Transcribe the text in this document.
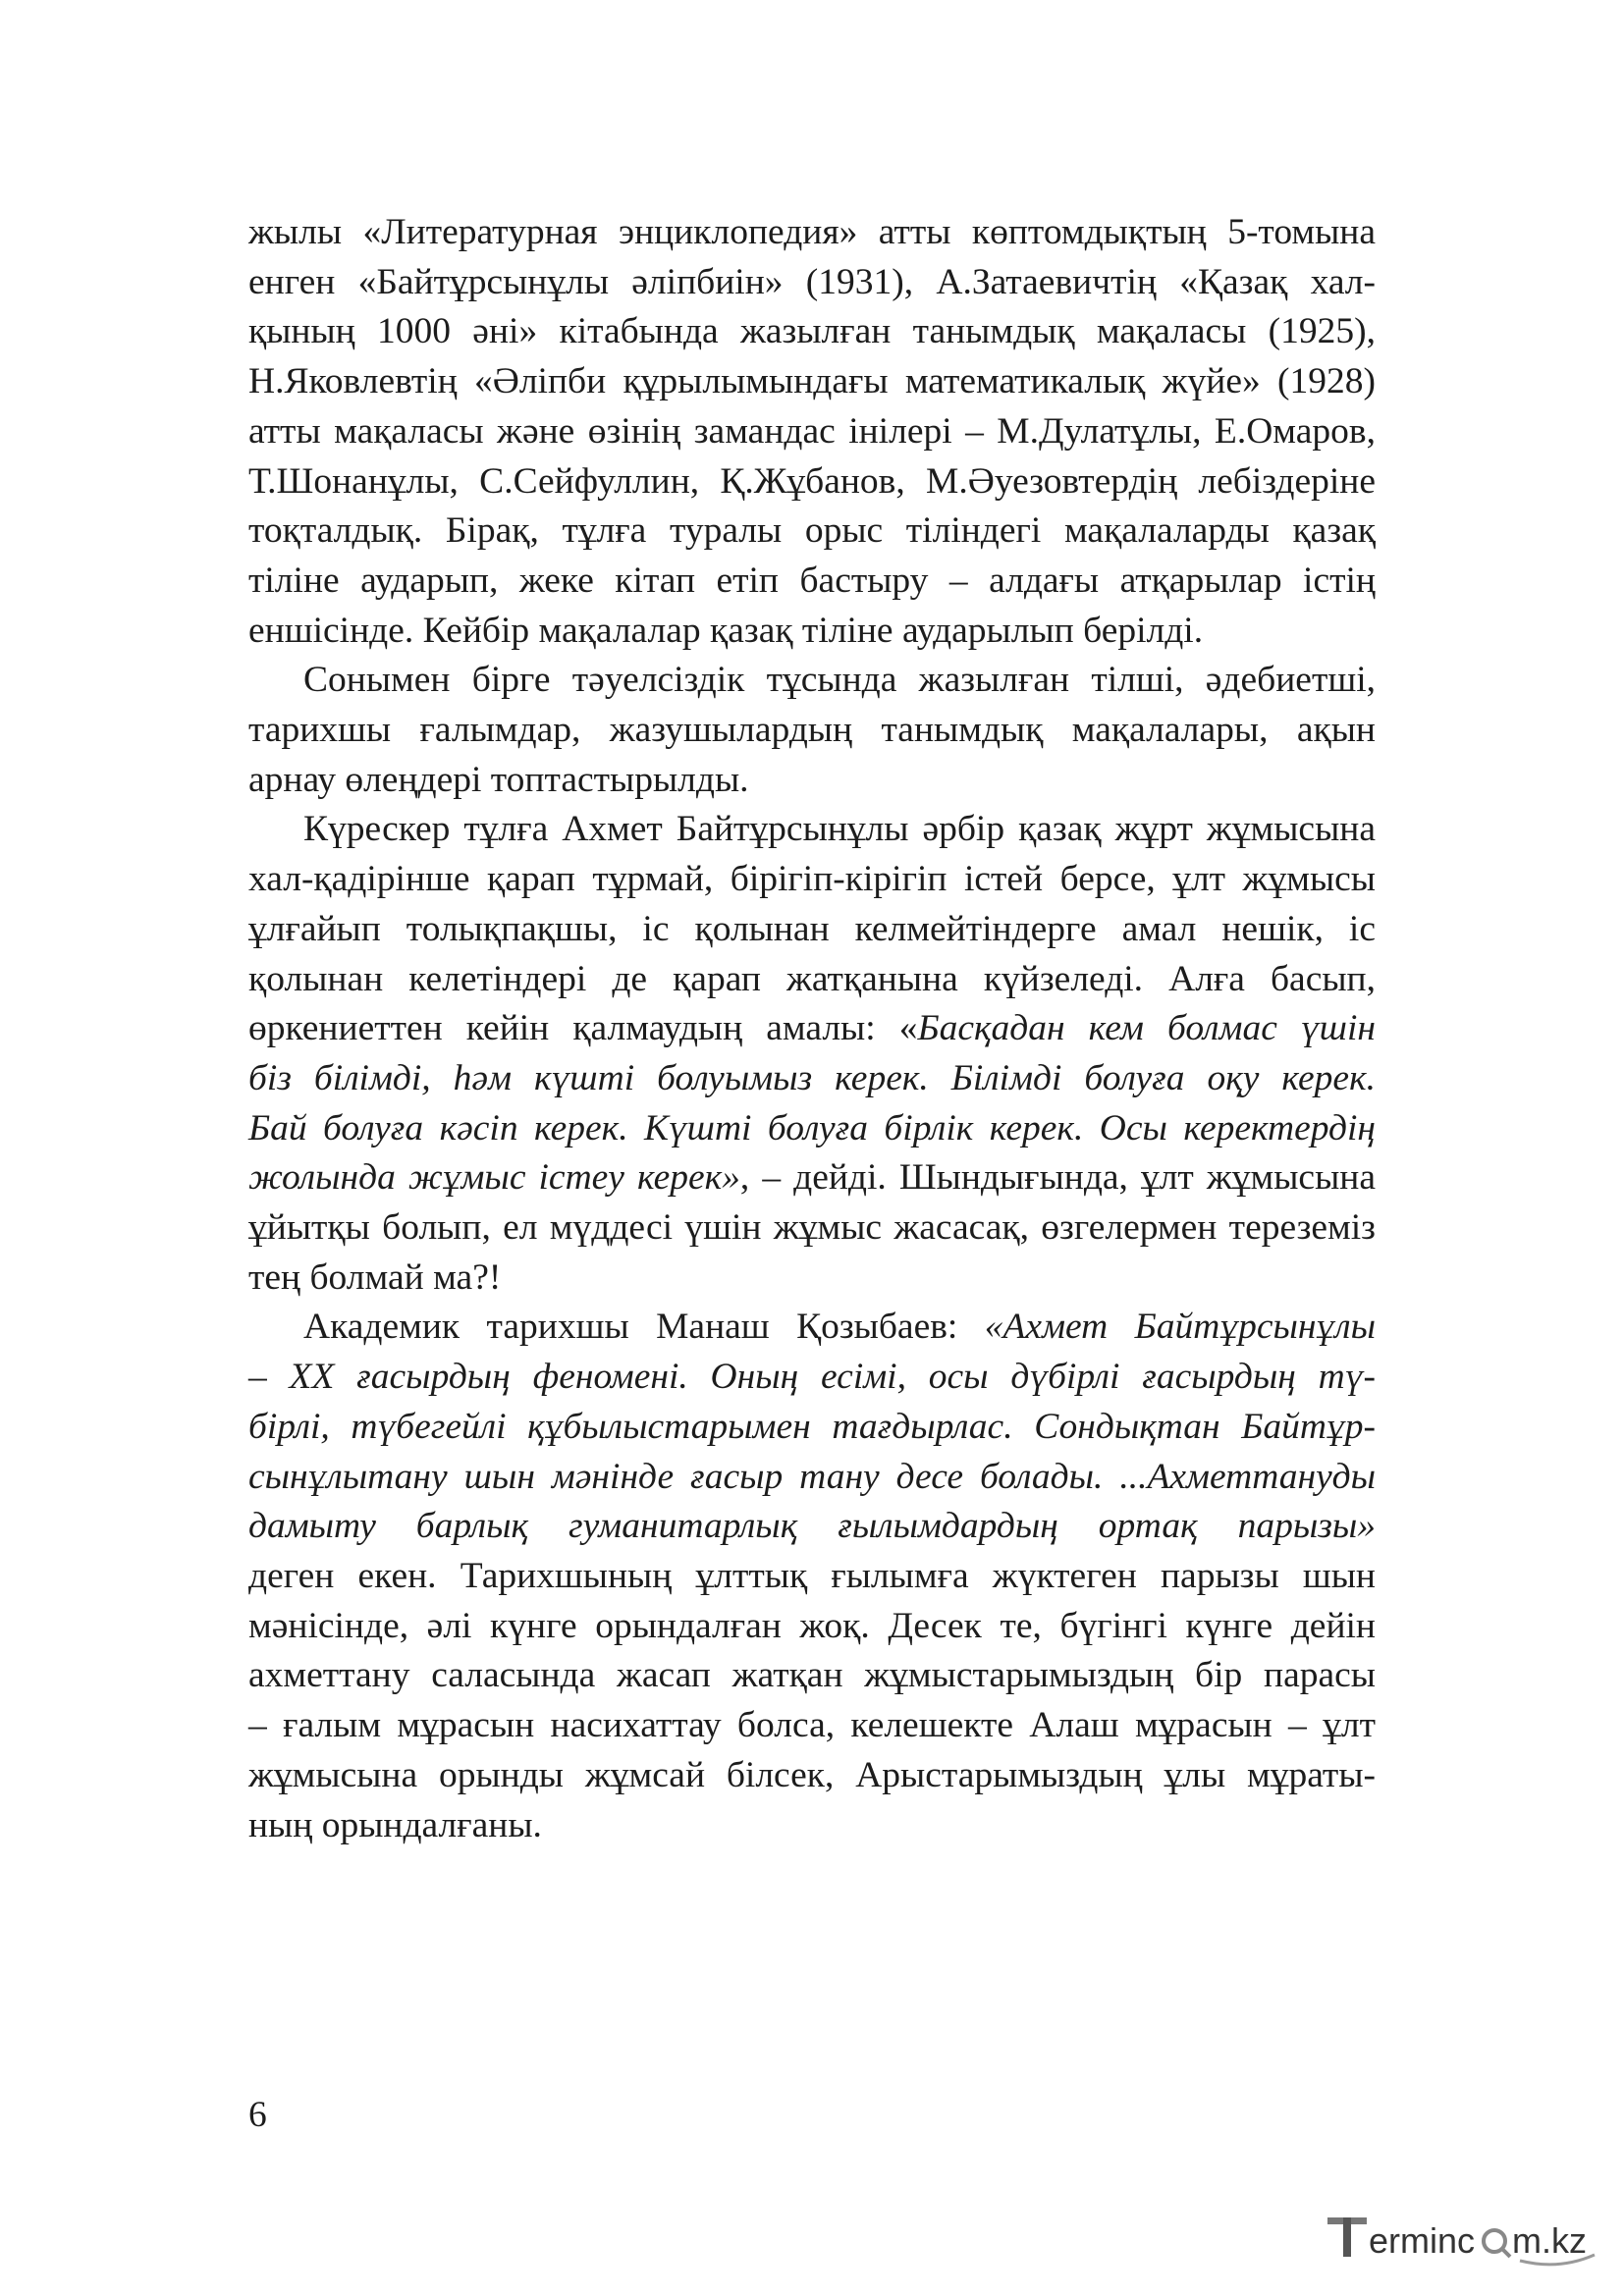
жылы «Литературная энциклопедия» атты көптомдықтың 5-томына
енген «Байтұрсынұлы әліпбиін» (1931), А.Затаевичтің «Қазақ хал-
қының 1000 әні» кітабында жазылған танымдық мақаласы (1925),
Н.Яковлевтің «Әліпби құрылымындағы математикалық жүйе» (1928)
атты мақаласы және өзінің замандас інілері – М.Дулатұлы, Е.Омаров,
Т.Шонанұлы, С.Сейфуллин, Қ.Жұбанов, М.Әуезовтердің лебіздеріне
тоқталдық. Бірақ, тұлға туралы орыс тіліндегі мақалаларды қазақ
тіліне аударып, жеке кітап етіп бастыру – алдағы атқарылар істің
еншісінде. Кейбір мақалалар қазақ тіліне аударылып берілді.
Сонымен бірге тәуелсіздік тұсында жазылған тілші, әдебиетші,
тарихшы ғалымдар, жазушылардың танымдық мақалалары, ақын
арнау өлеңдері топтастырылды.
Күрескер тұлға Ахмет Байтұрсынұлы әрбір қазақ жұрт жұмысына
хал-қадірінше қарап тұрмай, бірігіп-кірігіп істей берсе, ұлт жұмысы
ұлғайып толықпақшы, іс қолынан келмейтіндерге амал нешік, іс
қолынан келетіндері де қарап жатқанына күйзеледі. Алға басып,
өркениеттен кейін қалмаудың амалы: «Басқадан кем болмас үшін
біз білімді, һәм күшті болуымыз керек. Білімді болуға оқу керек.
Бай болуға кәсіп керек. Күшті болуға бірлік керек. Осы керектердің
жолында жұмыс істеу керек», – дейді. Шындығында, ұлт жұмысына
ұйытқы болып, ел мүддесі үшін жұмыс жасасақ, өзгелермен тереземіз
тең болмай ма?!
Академик тарихшы Манаш Қозыбаев: «Ахмет Байтұрсынұлы
– ХХ ғасырдың феномені. Оның есімі, осы дүбірлі ғасырдың тү-
бірлі, түбегейлі құбылыстарымен тағдырлас. Сондықтан Байтұр-
сынұлытану шын мәнінде ғасыр тану десе болады. ...Ахметтануды
дамыту барлық гуманитарлық ғылымдардың ортақ парызы»
деген екен. Тарихшының ұлттық ғылымға жүктеген парызы шын
мәнісінде, әлі күнге орындалған жоқ. Десек те, бүгінгі күнге дейін
ахметтану саласында жасап жатқан жұмыстарымыздың бір парасы
– ғалым мұрасын насихаттау болса, келешекте Алаш мұрасын – ұлт
жұмысына орынды жұмсай білсек, Арыстарымыздың ұлы мұраты-
ның орындалғаны.
6
erminc m.kz
